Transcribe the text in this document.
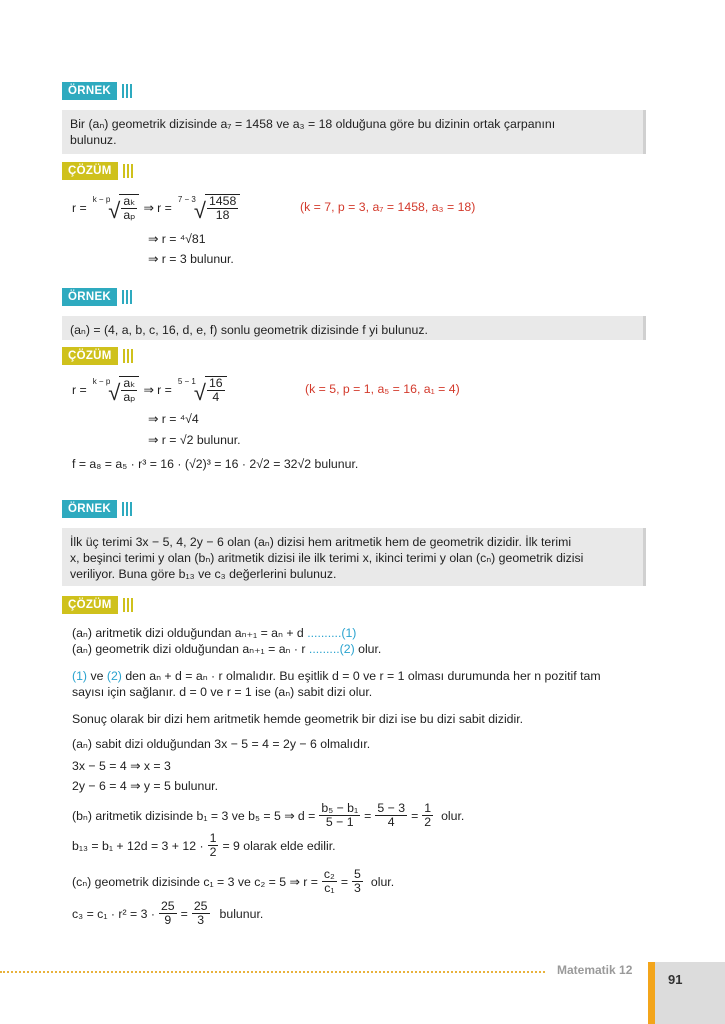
ÖRNEK
Bir (aₙ) geometrik dizisinde a₇ = 1458 ve a₃ = 18 olduğuna göre bu dizinin ortak çarpanını
bulunuz.
ÇÖZÜM
r =
k − p
√ $\frac{\text{aₖ}}{\text{aₚ}}$ ⇒ r =
7 − 3
√ $\frac{1458}{18}$	(k = 7, p = 3, a₇ = 1458, a₃ = 18)
⇒ r = ⁴√81
⇒ r = 3 bulunur.
ÖRNEK
(aₙ) = (4, a, b, c, 16, d, e, f) sonlu geometrik dizisinde f yi bulunuz.
ÇÖZÜM
r =
k − p
√ $\frac{\text{aₖ}}{\text{aₚ}}$ ⇒ r =
5 − 1
√ $\frac{16}{4}$	(k = 5, p = 1, a₅ = 16, a₁ = 4)
⇒ r = ⁴√4
⇒ r = √2 bulunur.
f = a₈ = a₅ · r³ = 16 · (√2)³ = 16 · 2√2 = 32√2 bulunur.
ÖRNEK
İlk üç terimi 3x − 5, 4, 2y − 6 olan (aₙ) dizisi hem aritmetik hem de geometrik dizidir. İlk terimi
x, beşinci terimi y olan (bₙ) aritmetik dizisi ile ilk terimi x, ikinci terimi y olan (cₙ) geometrik dizisi
veriliyor. Buna göre b₁₃ ve c₃ değerlerini bulunuz.
ÇÖZÜM
(aₙ) aritmetik dizi olduğundan aₙ₊₁ = aₙ + d ..........(1)
(aₙ) geometrik dizi olduğundan aₙ₊₁ = aₙ · r .........(2) olur.
(1) ve (2) den aₙ + d = aₙ · r olmalıdır. Bu eşitlik d = 0 ve r = 1 olması durumunda her n pozitif tam
sayısı için sağlanır. d = 0 ve r = 1 ise (aₙ) sabit dizi olur.
Sonuç olarak bir dizi hem aritmetik hemde geometrik bir dizi ise bu dizi sabit dizidir.
(aₙ) sabit dizi olduğundan 3x − 5 = 4 = 2y − 6 olmalıdır.
3x − 5 = 4 ⇒ x = 3
2y − 6 = 4 ⇒ y = 5 bulunur.
(bₙ) aritmetik dizisinde b₁ = 3 ve b₅ = 5 ⇒ $d = \frac{\text{b₅ − b₁}}{5 - 1} = \frac{5 - 3}{4} = \frac{1}{2}$ olur.
$b_{13} = b_1 + 12d = 3 + 12 \cdot \frac{1}{2} = 9$ olarak elde edilir.
(cₙ) geometrik dizisinde c₁ = 3 ve c₂ = 5 ⇒ $r = \frac{\text{c₂}}{\text{c₁}} = \frac{5}{3}$ olur.
$c_3 = c_1 \cdot r^2 = 3 \cdot \frac{25}{9} = \frac{25}{3}$ bulunur.
Matematik 12
91
